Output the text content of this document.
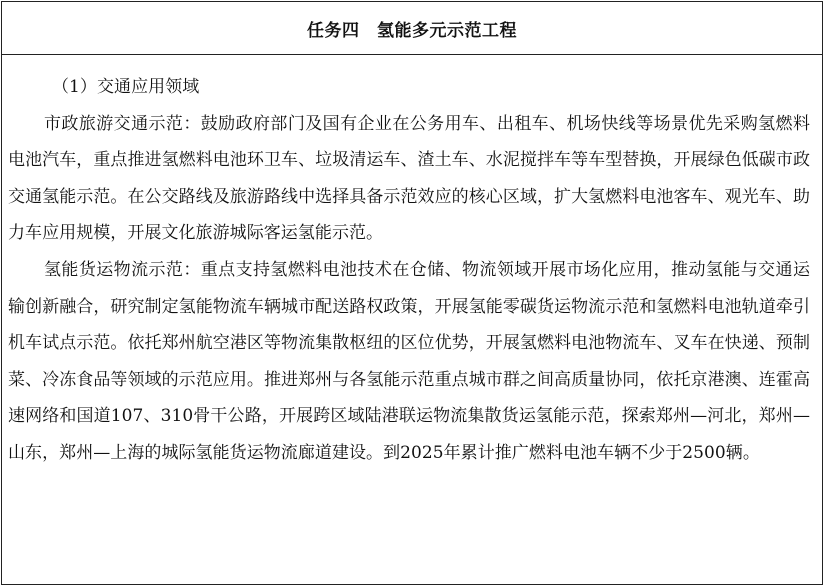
任务四　氢能多元示范工程
（1）交通应用领域

市政旅游交通示范：鼓励政府部门及国有企业在公务用车、出租车、机场快线等场景优先采购氢燃料电池汽车，重点推进氢燃料电池环卫车、垃圾清运车、渣土车、水泥搅拌车等车型替换，开展绿色低碳市政交通氢能示范。在公交路线及旅游路线中选择具备示范效应的核心区域，扩大氢燃料电池客车、观光车、助力车应用规模，开展文化旅游城际客运氢能示范。

氢能货运物流示范：重点支持氢燃料电池技术在仓储、物流领域开展市场化应用，推动氢能与交通运输创新融合，研究制定氢能物流车辆城市配送路权政策，开展氢能零碳货运物流示范和氢燃料电池轨道牵引机车试点示范。依托郑州航空港区等物流集散枢纽的区位优势，开展氢燃料电池物流车、叉车在快递、预制菜、冷冻食品等领域的示范应用。推进郑州与各氢能示范重点城市群之间高质量协同，依托京港澳、连霍高速网络和国道107、310骨干公路，开展跨区域陆港联运物流集散货运氢能示范，探索郑州—河北，郑州—山东，郑州—上海的城际氢能货运物流廊道建设。到2025年累计推广燃料电池车辆不少于2500辆。
